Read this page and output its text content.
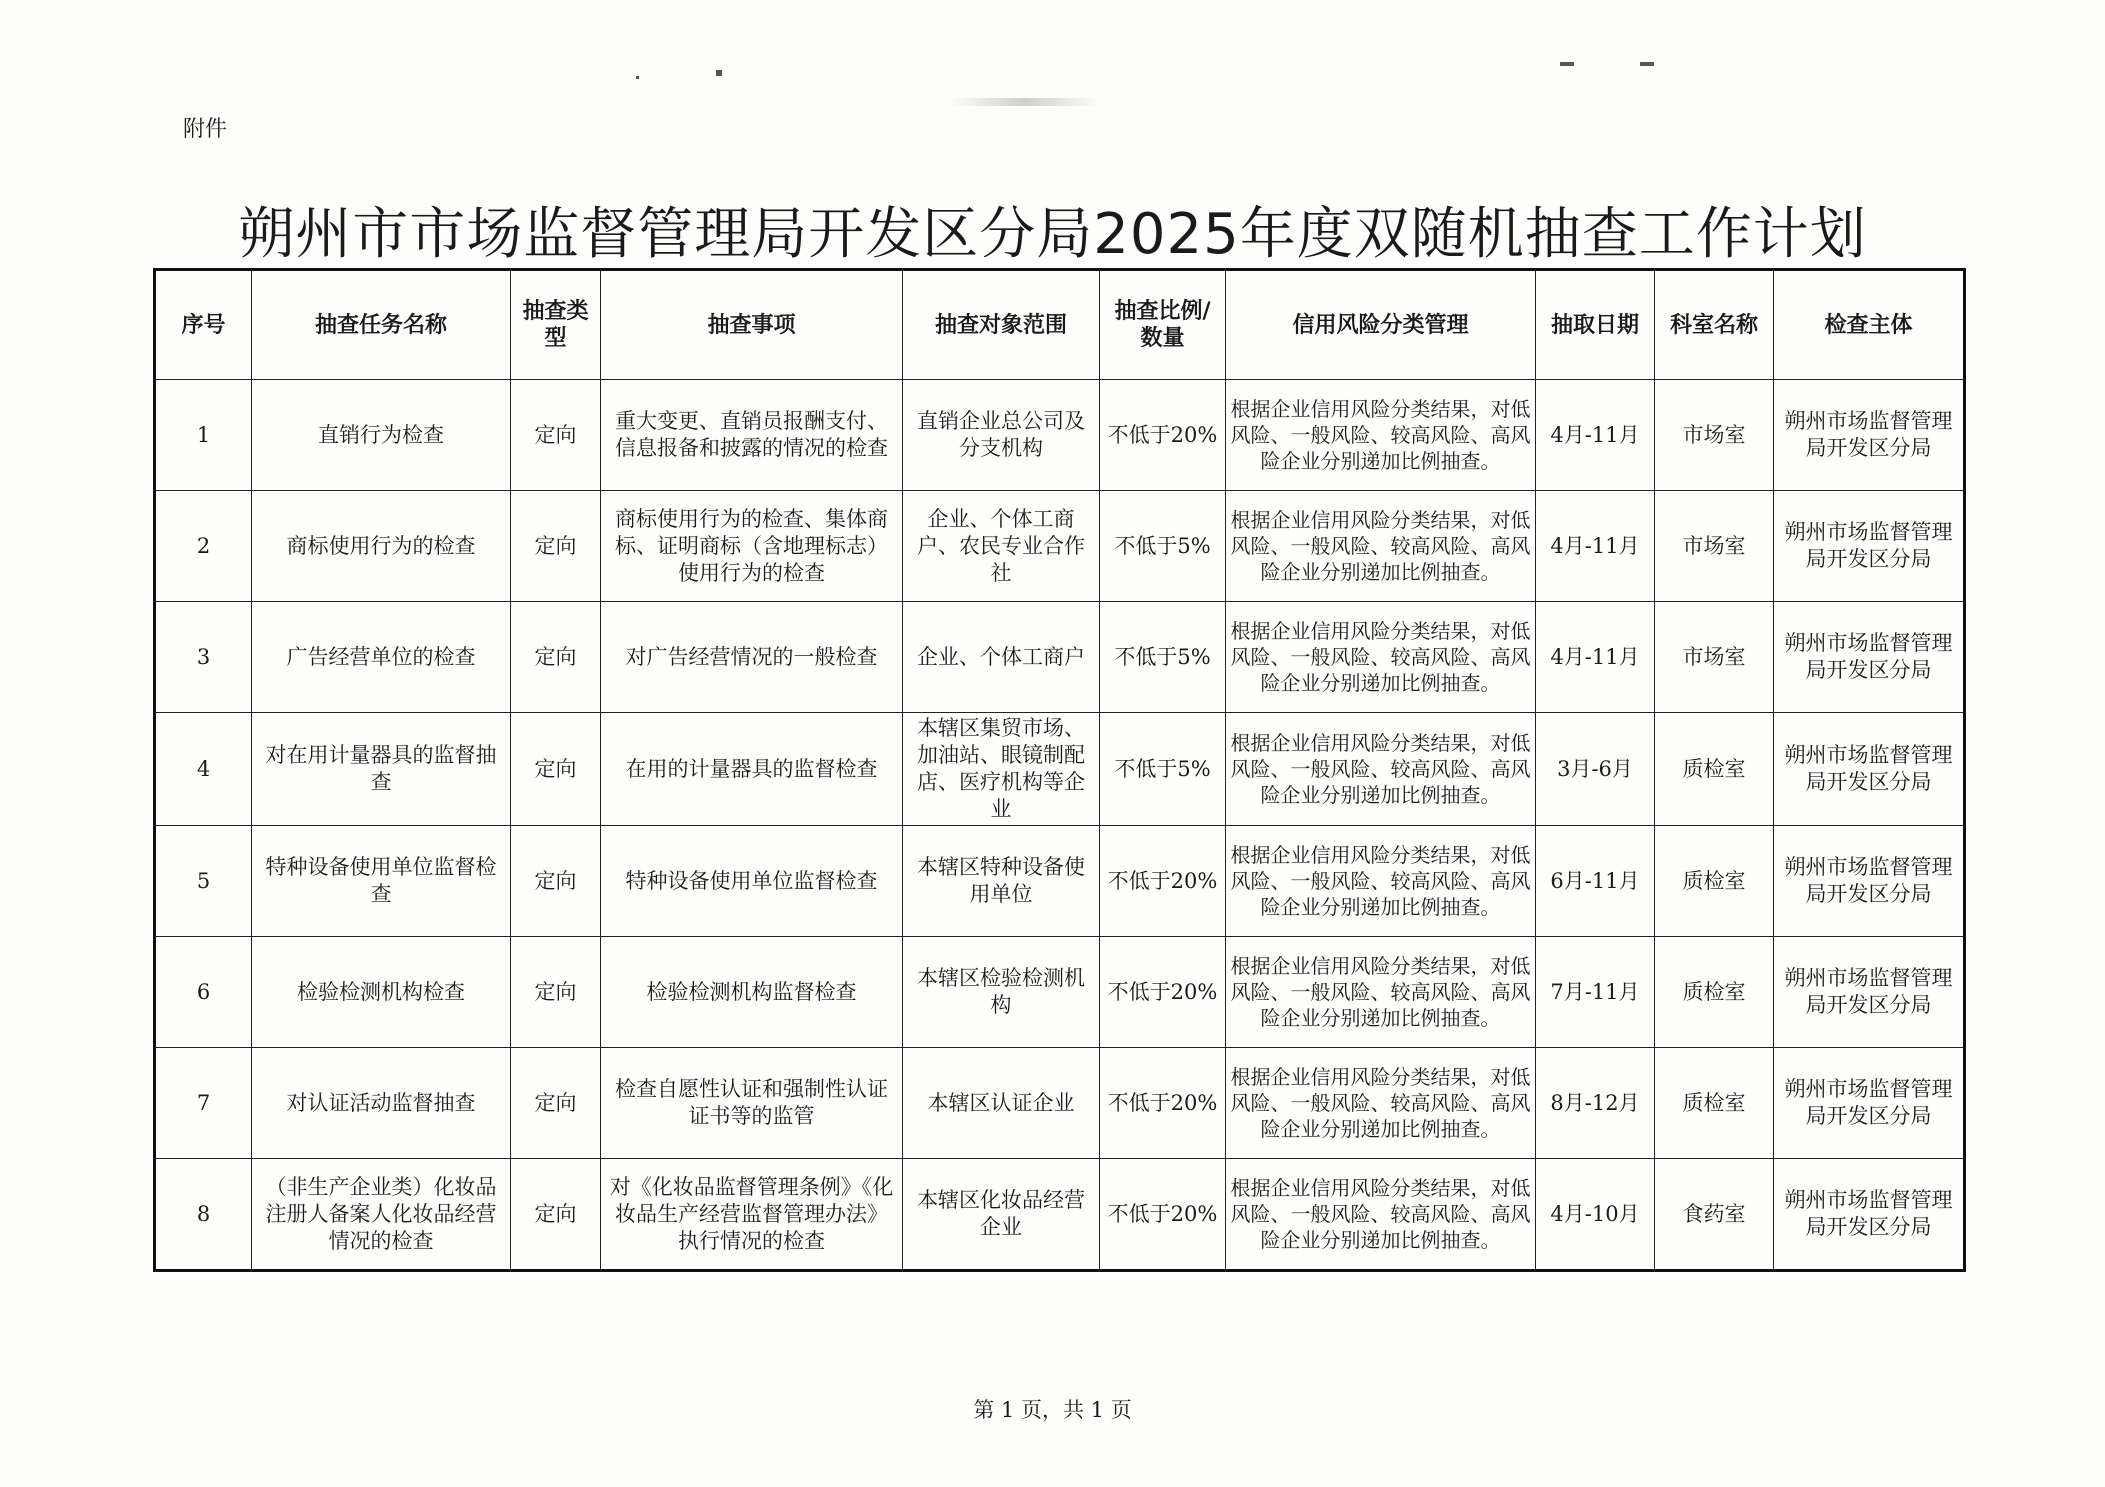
附件
朔州市市场监督管理局开发区分局2025年度双随机抽查工作计划
序号	抽查任务名称	抽查类型	抽查事项	抽查对象范围	抽查比例/数量	信用风险分类管理	抽取日期	科室名称	检查主体
1	直销行为检查	定向	重大变更、直销员报酬支付、信息报备和披露的情况的检查	直销企业总公司及分支机构	不低于20%	根据企业信用风险分类结果，对低风险、一般风险、较高风险、高风险企业分别递加比例抽查。	4月-11月	市场室	朔州市场监督管理局开发区分局
2	商标使用行为的检查	定向	商标使用行为的检查、集体商标、证明商标（含地理标志）使用行为的检查	企业、个体工商户、农民专业合作社	不低于5%	根据企业信用风险分类结果，对低风险、一般风险、较高风险、高风险企业分别递加比例抽查。	4月-11月	市场室	朔州市场监督管理局开发区分局
3	广告经营单位的检查	定向	对广告经营情况的一般检查	企业、个体工商户	不低于5%	根据企业信用风险分类结果，对低风险、一般风险、较高风险、高风险企业分别递加比例抽查。	4月-11月	市场室	朔州市场监督管理局开发区分局
4	对在用计量器具的监督抽查	定向	在用的计量器具的监督检查	本辖区集贸市场、加油站、眼镜制配店、医疗机构等企业	不低于5%	根据企业信用风险分类结果，对低风险、一般风险、较高风险、高风险企业分别递加比例抽查。	3月-6月	质检室	朔州市场监督管理局开发区分局
5	特种设备使用单位监督检查	定向	特种设备使用单位监督检查	本辖区特种设备使用单位	不低于20%	根据企业信用风险分类结果，对低风险、一般风险、较高风险、高风险企业分别递加比例抽查。	6月-11月	质检室	朔州市场监督管理局开发区分局
6	检验检测机构检查	定向	检验检测机构监督检查	本辖区检验检测机构	不低于20%	根据企业信用风险分类结果，对低风险、一般风险、较高风险、高风险企业分别递加比例抽查。	7月-11月	质检室	朔州市场监督管理局开发区分局
7	对认证活动监督抽查	定向	检查自愿性认证和强制性认证证书等的监管	本辖区认证企业	不低于20%	根据企业信用风险分类结果，对低风险、一般风险、较高风险、高风险企业分别递加比例抽查。	8月-12月	质检室	朔州市场监督管理局开发区分局
8	（非生产企业类）化妆品注册人备案人化妆品经营情况的检查	定向	对《化妆品监督管理条例》《化妆品生产经营监督管理办法》执行情况的检查	本辖区化妆品经营企业	不低于20%	根据企业信用风险分类结果，对低风险、一般风险、较高风险、高风险企业分别递加比例抽查。	4月-10月	食药室	朔州市场监督管理局开发区分局
第 1 页，共 1 页
